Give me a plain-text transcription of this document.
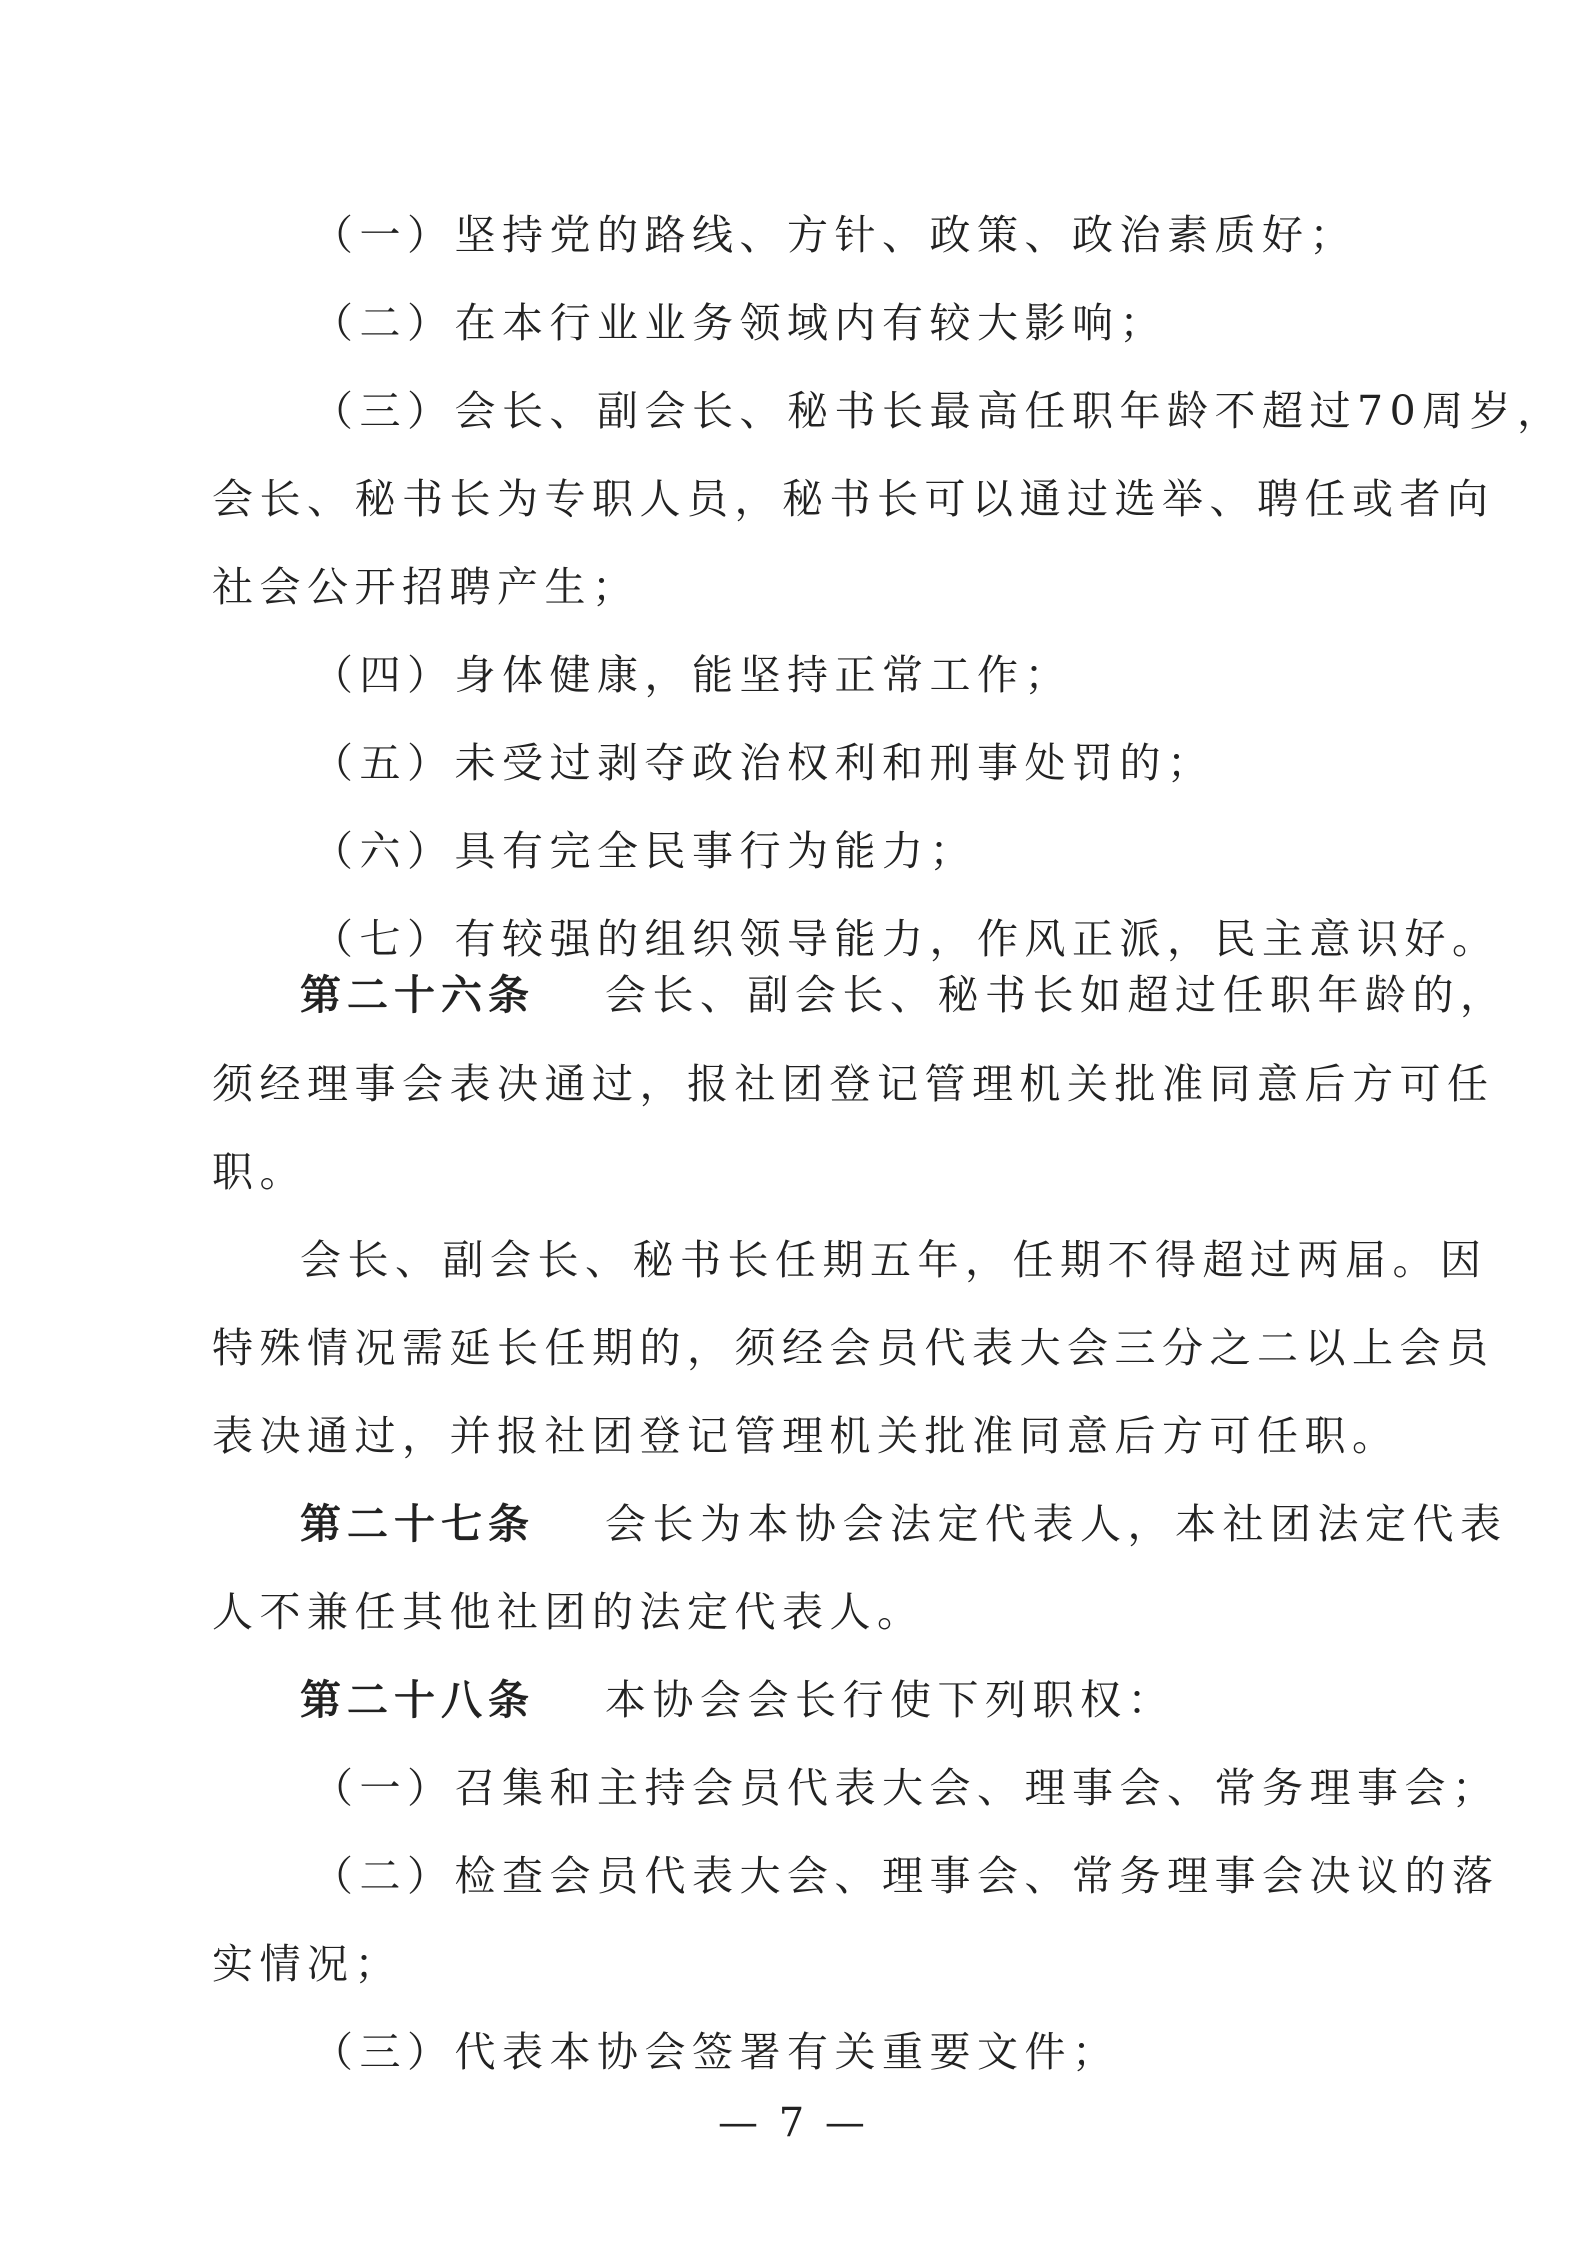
（一）坚持党的路线、方针、政策、政治素质好；
（二）在本行业业务领域内有较大影响；
（三）会长、副会长、秘书长最高任职年龄不超过70周岁，
会长、秘书长为专职人员，秘书长可以通过选举、聘任或者向
社会公开招聘产生；
（四）身体健康，能坚持正常工作；
（五）未受过剥夺政治权利和刑事处罚的；
（六）具有完全民事行为能力；
（七）有较强的组织领导能力，作风正派，民主意识好。
第二十六条 会长、副会长、秘书长如超过任职年龄的，
须经理事会表决通过，报社团登记管理机关批准同意后方可任
职。
会长、副会长、秘书长任期五年，任期不得超过两届。因
特殊情况需延长任期的，须经会员代表大会三分之二以上会员
表决通过，并报社团登记管理机关批准同意后方可任职。
第二十七条 会长为本协会法定代表人，本社团法定代表
人不兼任其他社团的法定代表人。
第二十八条 本协会会长行使下列职权：
（一）召集和主持会员代表大会、理事会、常务理事会；
（二）检查会员代表大会、理事会、常务理事会决议的落
实情况；
（三）代表本协会签署有关重要文件；
— 7 —
